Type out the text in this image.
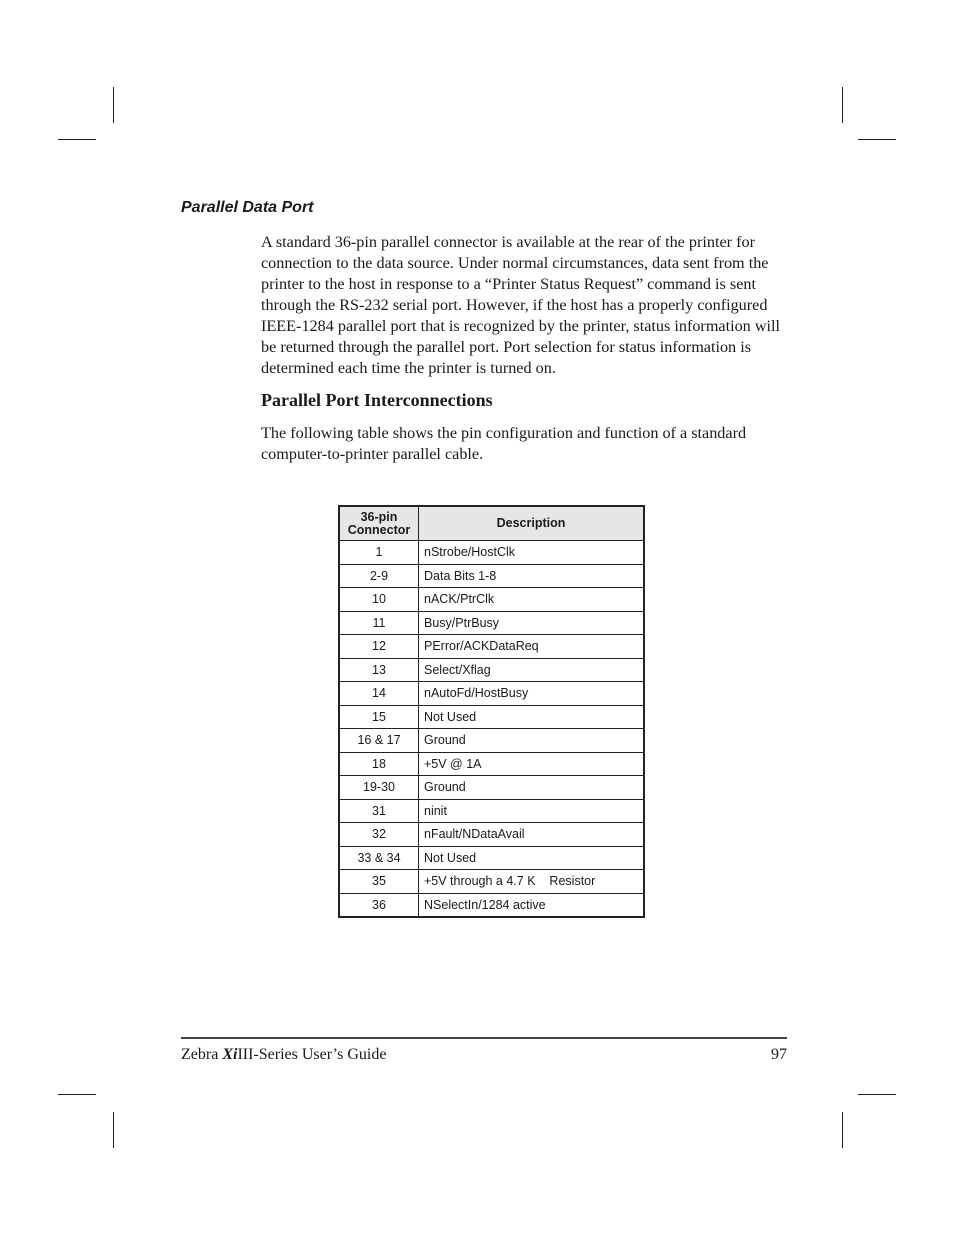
Parallel Data Port

A standard 36-pin parallel connector is available at the rear of the printer for connection to the data source. Under normal circumstances, data sent from the printer to the host in response to a “Printer Status Request” command is sent through the RS-232 serial port. However, if the host has a properly configured IEEE-1284 parallel port that is recognized by the printer, status information will be returned through the parallel port. Port selection for status information is determined each time the printer is turned on.

Parallel Port Interconnections

The following table shows the pin configuration and function of a standard computer-to-printer parallel cable.

36-pin
Connector	Description
1	nStrobe/HostClk
2-9	Data Bits 1-8
10	nACK/PtrClk
11	Busy/PtrBusy
12	PError/ACKDataReq
13	Select/Xflag
14	nAutoFd/HostBusy
15	Not Used
16 & 17	Ground
18	+5V @ 1A
19-30	Ground
31	ninit
32	nFault/NDataAvail
33 & 34	Not Used
35	+5V through a 4.7 K    Resistor
36	NSelectIn/1284 active
Zebra XiIII-Series User’s Guide	97
